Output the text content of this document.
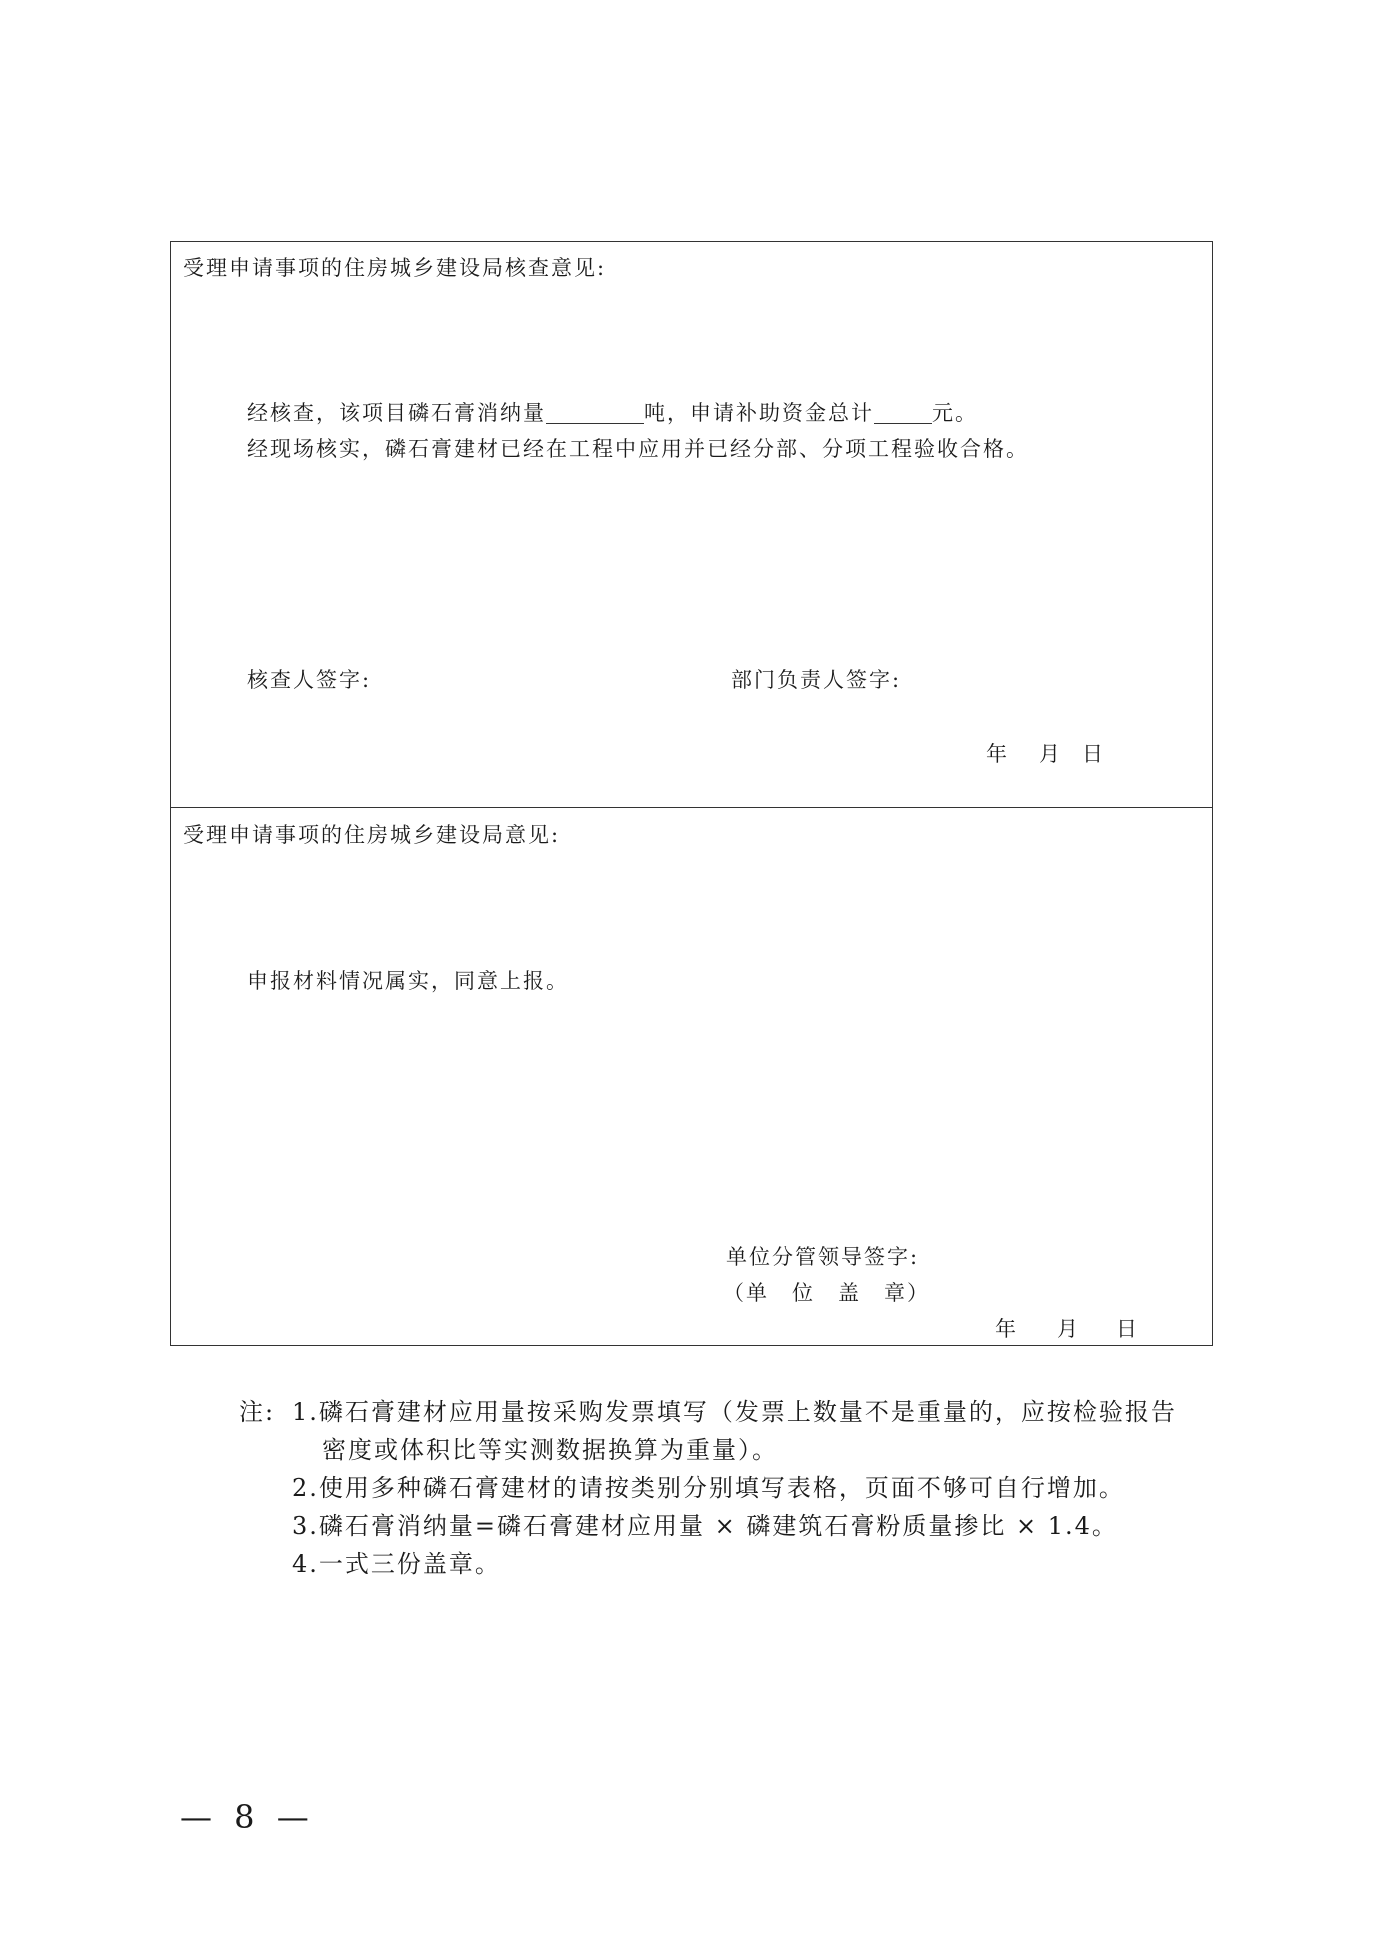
受理申请事项的住房城乡建设局核查意见:
经核查，该项目磷石膏消纳量	吨，申请补助资金总计	元。
经现场核实，磷石膏建材已经在工程中应用并已经分部、分项工程验收合格。
核查人签字:	部门负责人签字:
年 月 日
受理申请事项的住房城乡建设局意见:
申报材料情况属实，同意上报。
单位分管领导签字:
（单　位　盖　章）
年 月 日
注: 1.磷石膏建材应用量按采购发票填写（发票上数量不是重量的，应按检验报告
密度或体积比等实测数据换算为重量）。
2.使用多种磷石膏建材的请按类别分别填写表格，页面不够可自行增加。
3.磷石膏消纳量=磷石膏建材应用量 × 磷建筑石膏粉质量掺比 × 1.4。
4.一式三份盖章。
— 8 —
